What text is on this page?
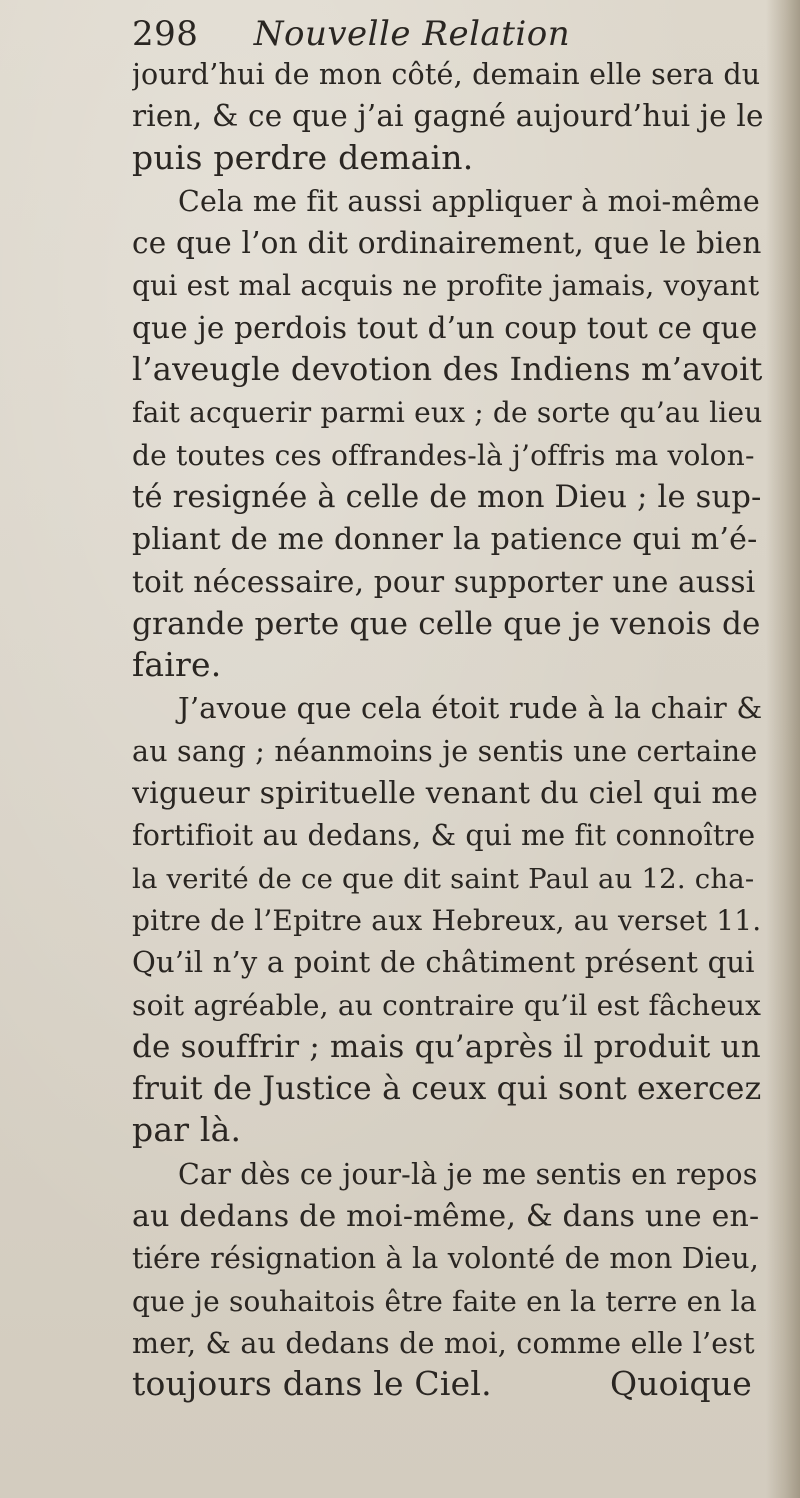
298 Nouvelle Relation
jourd’hui de mon côté, demain elle sera du
rien, & ce que j’ai gagné aujourd’hui je le
puis perdre demain.
Cela me fit aussi appliquer à moi-même
ce que l’on dit ordinairement, que le bien
qui est mal acquis ne profite jamais, voyant
que je perdois tout d’un coup tout ce que
l’aveugle devotion des Indiens m’avoit
fait acquerir parmi eux ; de sorte qu’au lieu
de toutes ces offrandes-là j’offris ma volon-
té resignée à celle de mon Dieu ; le sup-
pliant de me donner la patience qui m’é-
toit nécessaire, pour supporter une aussi
grande perte que celle que je venois de
faire.
J’avoue que cela étoit rude à la chair &
au sang ; néanmoins je sentis une certaine
vigueur spirituelle venant du ciel qui me
fortifioit au dedans, & qui me fit connoître
la verité de ce que dit saint Paul au 12. cha-
pitre de l’Epitre aux Hebreux, au verset 11.
Qu’il n’y a point de châtiment présent qui
soit agréable, au contraire qu’il est fâcheux
de souffrir ; mais qu’après il produit un
fruit de Justice à ceux qui sont exercez
par là.
Car dès ce jour-là je me sentis en repos
au dedans de moi-même, & dans une en-
tiére résignation à la volonté de mon Dieu,
que je souhaitois être faite en la terre en la
mer, & au dedans de moi, comme elle l’est
toujours dans le Ciel.	Quoique
